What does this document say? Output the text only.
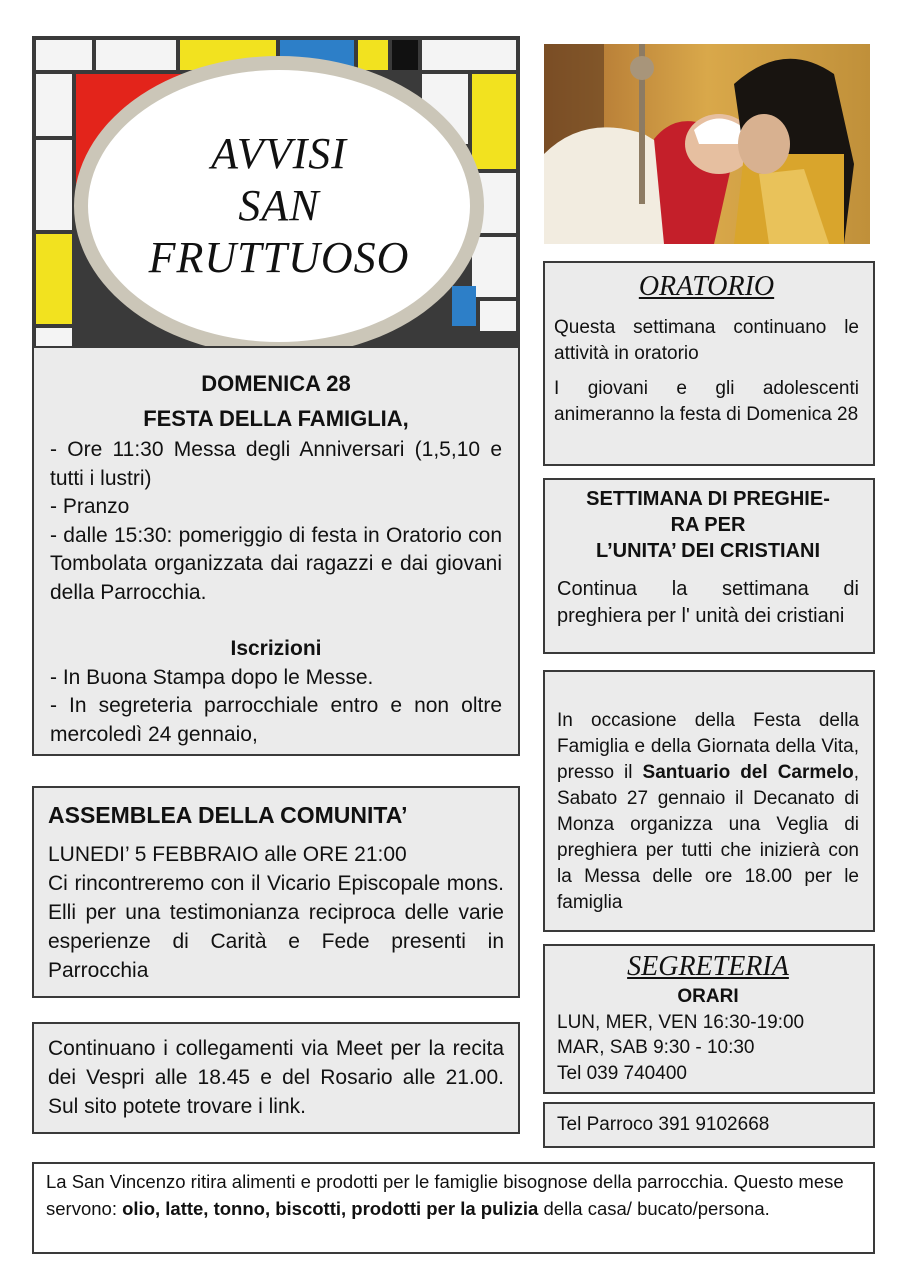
AVVISI
SAN
FRUTTUOSO

DOMENICA 28

FESTA DELLA FAMIGLIA,

- Ore 11:30 Messa degli Anniversari (1,5,10 e tutti i lustri)

- Pranzo

- dalle 15:30: pomeriggio di festa in Oratorio con Tombolata organizzata dai ragazzi e dai giovani della Parrocchia.

Iscrizioni

- In Buona Stampa dopo le Messe.

- In segreteria parrocchiale entro e non oltre mercoledì 24 gennaio,

ASSEMBLEA DELLA COMUNITA’

LUNEDI’ 5 FEBBRAIO alle ORE 21:00

Ci rincontreremo con il Vicario Episcopale mons. Elli per una testimonianza reciproca delle varie esperienze di Carità e Fede presenti in Parrocchia

Continuano i collegamenti via Meet per la recita dei Vespri alle 18.45 e del Rosario alle 21.00. Sul sito potete trovare i link.

ORATORIO

Questa settimana continuano le attività in oratorio

I giovani e gli adolescenti animeranno la festa di Domenica 28

SETTIMANA DI PREGHIE-
RA PER
L’UNITA’ DEI CRISTIANI

Continua la settimana di preghiera per l' unità dei cristiani

In occasione della Festa della Famiglia e della Giornata della Vita, presso il Santuario del Carmelo, Sabato 27 gennaio il Decanato di Monza organizza una Veglia di preghiera per tutti che inizierà con la Messa delle ore 18.00 per le famiglia

SEGRETERIA

ORARI

LUN, MER, VEN 16:30-19:00

MAR, SAB 9:30 - 10:30

Tel 039 740400

Tel Parroco 391 9102668

La San Vincenzo ritira alimenti e prodotti per le famiglie bisognose della parrocchia. Questo mese servono: olio, latte, tonno, biscotti, prodotti per la pulizia della casa/ bucato/persona.
